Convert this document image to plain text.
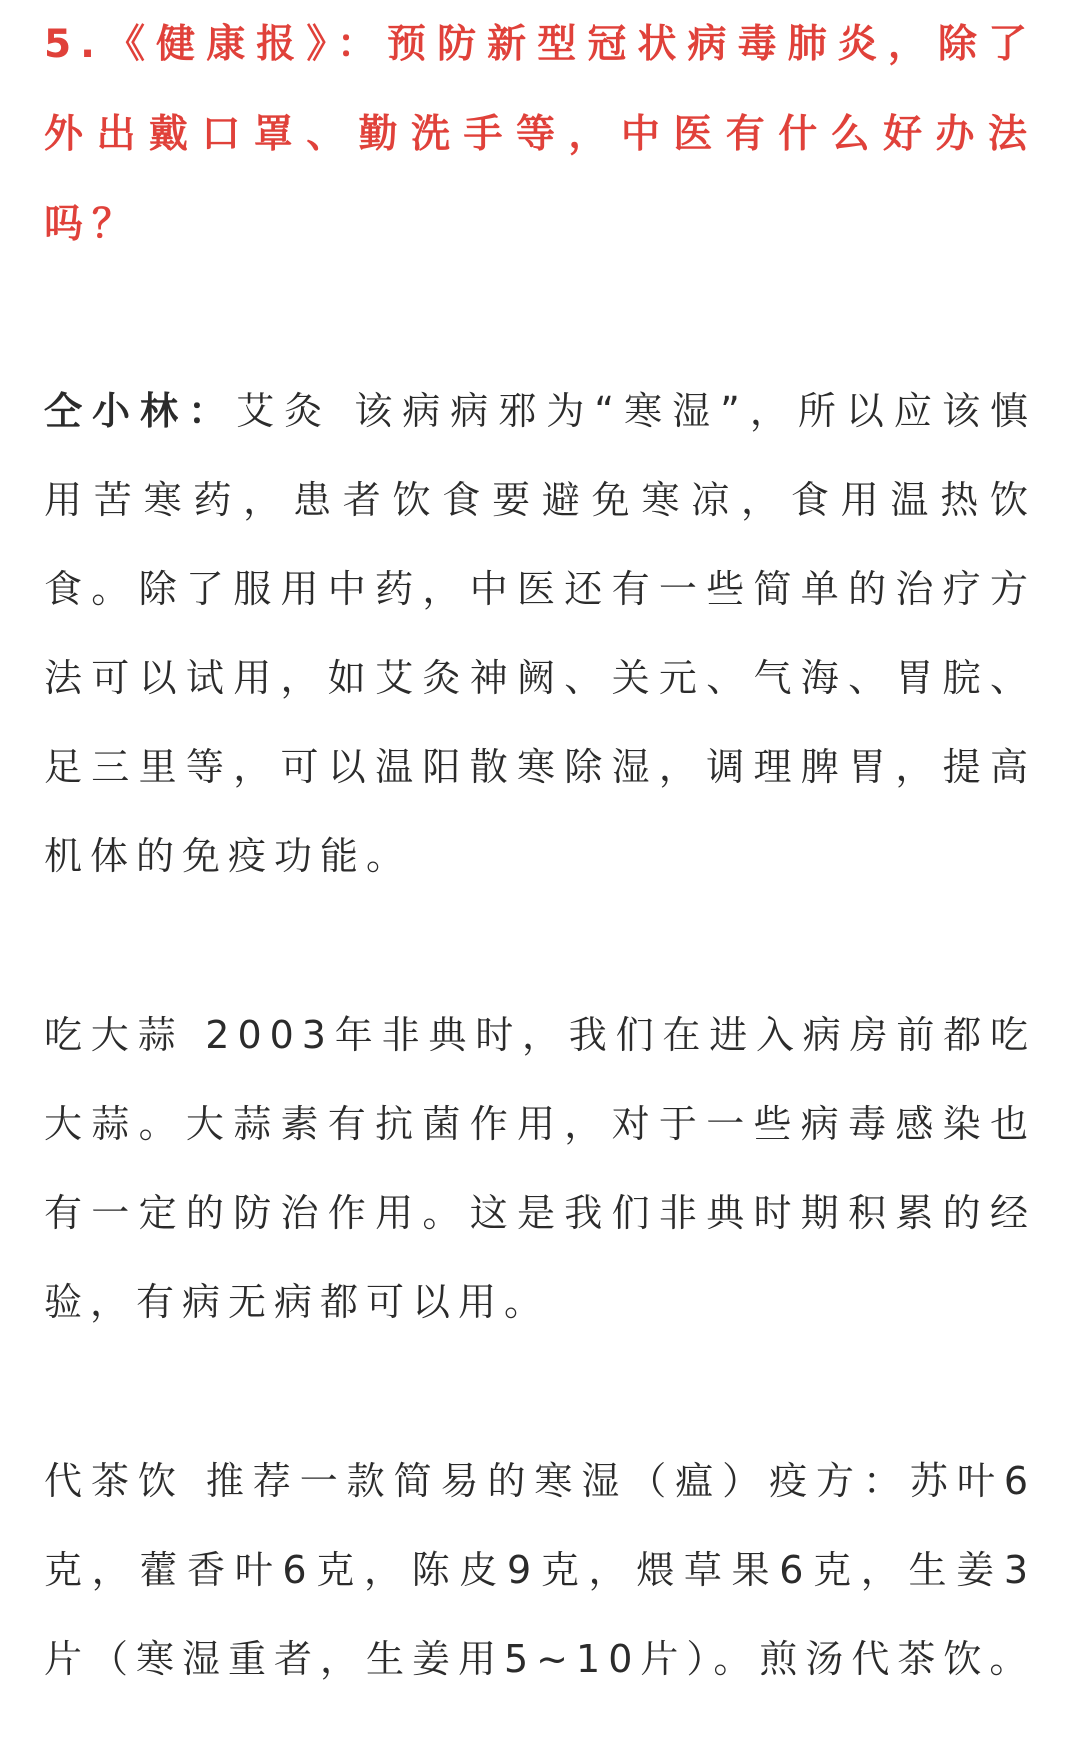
5.《健康报》：预防新型冠状病毒肺炎，除了外出戴口罩、勤洗手等，中医有什么好办法吗？

仝小林：艾灸 该病病邪为“寒湿”，所以应该慎用苦寒药，患者饮食要避免寒凉，食用温热饮食。除了服用中药，中医还有一些简单的治疗方法可以试用，如艾灸神阙、关元、气海、胃脘、足三里等，可以温阳散寒除湿，调理脾胃，提高机体的免疫功能。

吃大蒜 2003年非典时，我们在进入病房前都吃大蒜。大蒜素有抗菌作用，对于一些病毒感染也有一定的防治作用。这是我们非典时期积累的经验，有病无病都可以用。

代茶饮 推荐一款简易的寒湿（瘟）疫方：苏叶6克，藿香叶6克，陈皮9克，煨草果6克，生姜3片（寒湿重者，生姜用5~10片）。煎汤代茶饮。
